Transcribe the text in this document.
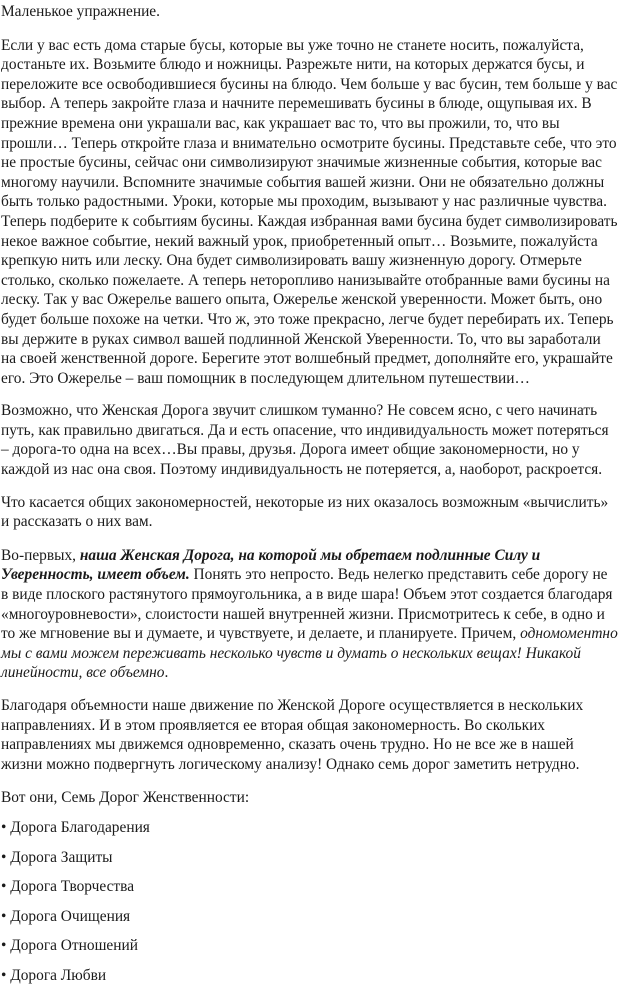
Маленькое упражнение.

Если у вас есть дома старые бусы, которые вы уже точно не станете носить, пожалуйста, достаньте их. Возьмите блюдо и ножницы. Разрежьте нити, на которых держатся бусы, и переложите все освободившиеся бусины на блюдо. Чем больше у вас бусин, тем больше у вас выбор. А теперь закройте глаза и начните перемешивать бусины в блюде, ощупывая их. В прежние времена они украшали вас, как украшает вас то, что вы прожили, то, что вы прошли… Теперь откройте глаза и внимательно осмотрите бусины. Представьте себе, что это не простые бусины, сейчас они символизируют значимые жизненные события, которые вас многому научили. Вспомните значимые события вашей жизни. Они не обязательно должны быть только радостными. Уроки, которые мы проходим, вызывают у нас различные чувства. Теперь подберите к событиям бусины. Каждая избранная вами бусина будет символизировать некое важное событие, некий важный урок, приобретенный опыт… Возьмите, пожалуйста крепкую нить или леску. Она будет символизировать вашу жизненную дорогу. Отмерьте столько, сколько пожелаете. А теперь неторопливо нанизывайте отобранные вами бусины на леску. Так у вас Ожерелье вашего опыта, Ожерелье женской уверенности. Может быть, оно будет больше похоже на четки. Что ж, это тоже прекрасно, легче будет перебирать их. Теперь вы держите в руках символ вашей подлинной Женской Уверенности. То, что вы заработали на своей женственной дороге. Берегите этот волшебный предмет, дополняйте его, украшайте его. Это Ожерелье – ваш помощник в последующем длительном путешествии…

Возможно, что Женская Дорога звучит слишком туманно? Не совсем ясно, с чего начинать путь, как правильно двигаться. Да и есть опасение, что индивидуальность может потеряться – дорога-то одна на всех…Вы правы, друзья. Дорога имеет общие закономерности, но у каждой из нас она своя. Поэтому индивидуальность не потеряется, а, наоборот, раскроется.

Что касается общих закономерностей, некоторые из них оказалось возможным «вычислить» и рассказать о них вам.

Во-первых, наша Женская Дорога, на которой мы обретаем подлинные Силу и Уверенность, имеет объем. Понять это непросто. Ведь нелегко представить себе дорогу не в виде плоского растянутого прямоугольника, а в виде шара! Объем этот создается благодаря «многоуровневости», слоистости нашей внутренней жизни. Присмотритесь к себе, в одно и то же мгновение вы и думаете, и чувствуете, и делаете, и планируете. Причем, одномоментно мы с вами можем переживать несколько чувств и думать о нескольких вещах! Никакой линейности, все объемно.

Благодаря объемности наше движение по Женской Дороге осуществляется в нескольких направлениях. И в этом проявляется ее вторая общая закономерность. Во скольких направлениях мы движемся одновременно, сказать очень трудно. Но не все же в нашей жизни можно подвергнуть логическому анализу! Однако семь дорог заметить нетрудно.

Вот они, Семь Дорог Женственности:

• Дорога Благодарения

• Дорога Защиты

• Дорога Творчества

• Дорога Очищения

• Дорога Отношений

• Дорога Любви
